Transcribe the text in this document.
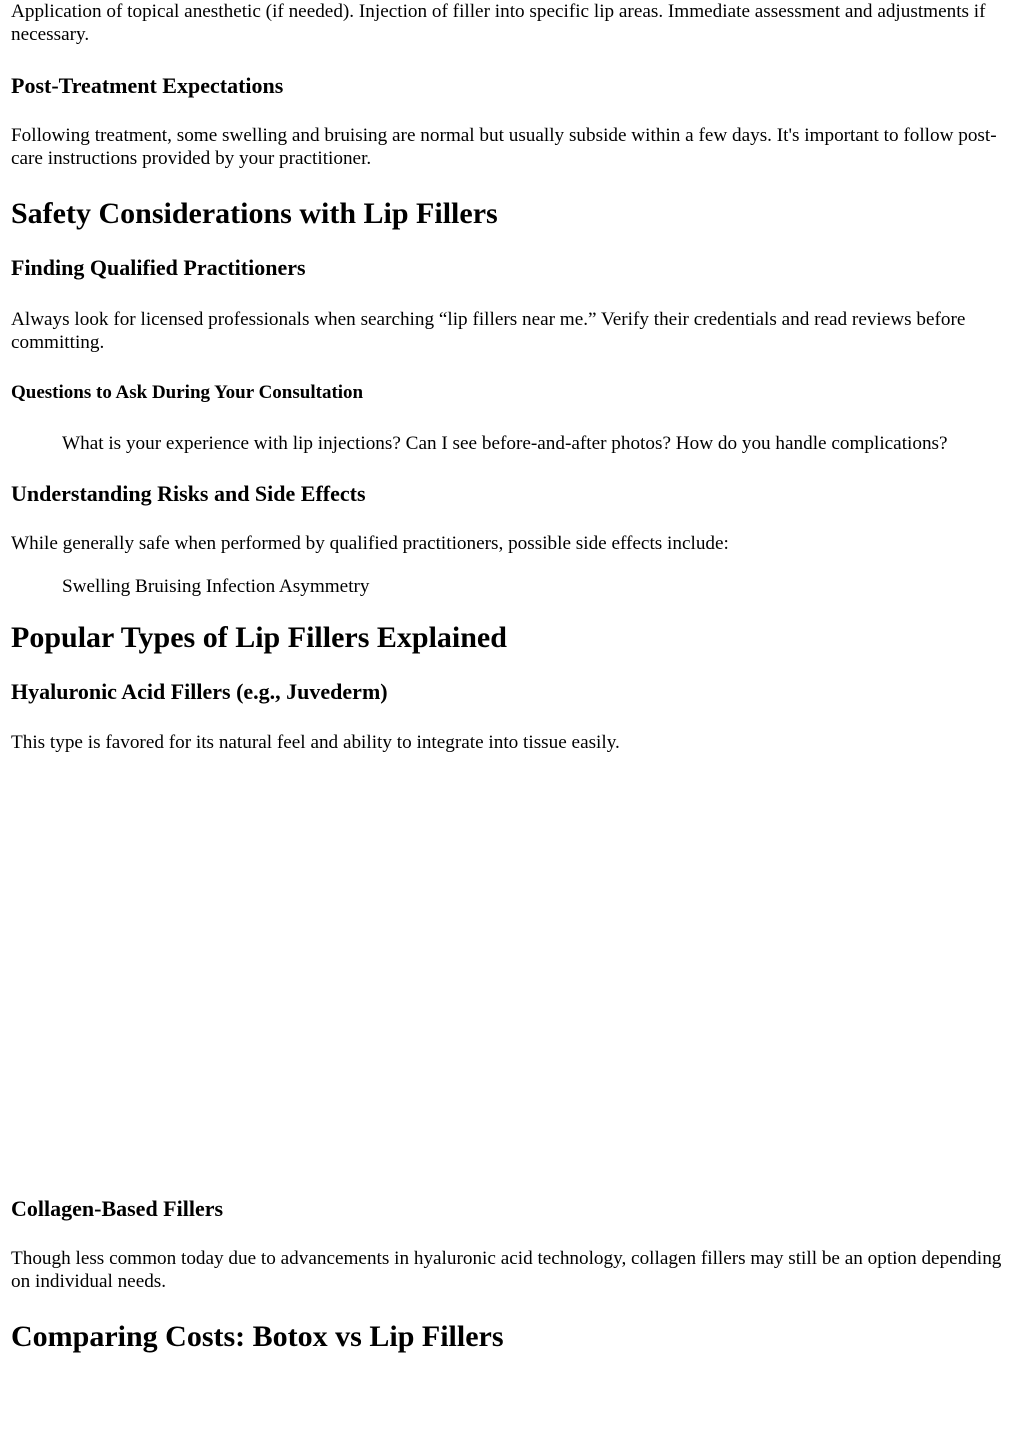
Application of topical anesthetic (if needed). Injection of filler into specific lip areas. Immediate assessment and adjustments if necessary.

Post-Treatment Expectations

Following treatment, some swelling and bruising are normal but usually subside within a few days. It's important to follow post-care instructions provided by your practitioner.

Safety Considerations with Lip Fillers
Finding Qualified Practitioners

Always look for licensed professionals when searching “lip fillers near me.” Verify their credentials and read reviews before committing.

Questions to Ask During Your Consultation

What is your experience with lip injections? Can I see before-and-after photos? How do you handle complications?

Understanding Risks and Side Effects

While generally safe when performed by qualified practitioners, possible side effects include:

Swelling Bruising Infection Asymmetry

Popular Types of Lip Fillers Explained
Hyaluronic Acid Fillers (e.g., Juvederm)

This type is favored for its natural feel and ability to integrate into tissue easily.

Collagen-Based Fillers

Though less common today due to advancements in hyaluronic acid technology, collagen fillers may still be an option depending on individual needs.

Comparing Costs: Botox vs Lip Fillers
